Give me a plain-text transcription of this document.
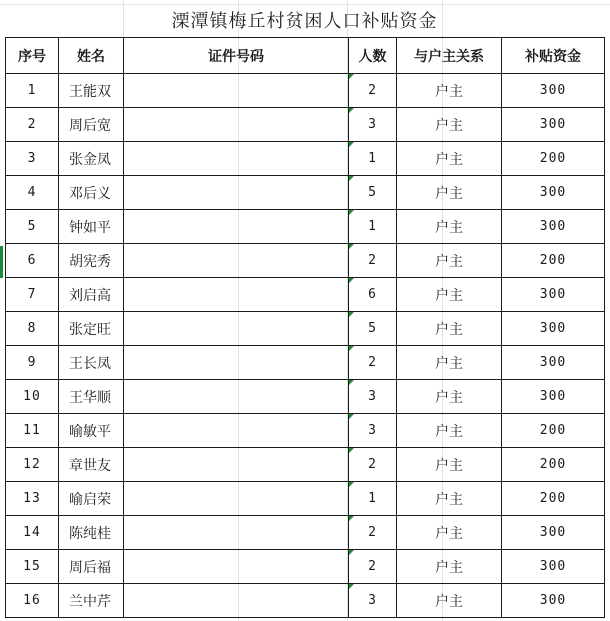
溧潭镇梅丘村贫困人口补贴资金
序号	姓名	证件号码	人数	与户主关系	补贴资金
1	王能双		2	户主	300
2	周后宽		3	户主	300
3	张金凤		1	户主	200
4	邓后义		5	户主	300
5	钟如平		1	户主	300
6	胡宪秀		2	户主	200
7	刘启高		6	户主	300
8	张定旺		5	户主	300
9	王长凤		2	户主	300
10	王华顺		3	户主	300
11	喻敏平		3	户主	200
12	章世友		2	户主	200
13	喻启荣		1	户主	200
14	陈纯桂		2	户主	300
15	周后福		2	户主	300
16	兰中芹		3	户主	300
